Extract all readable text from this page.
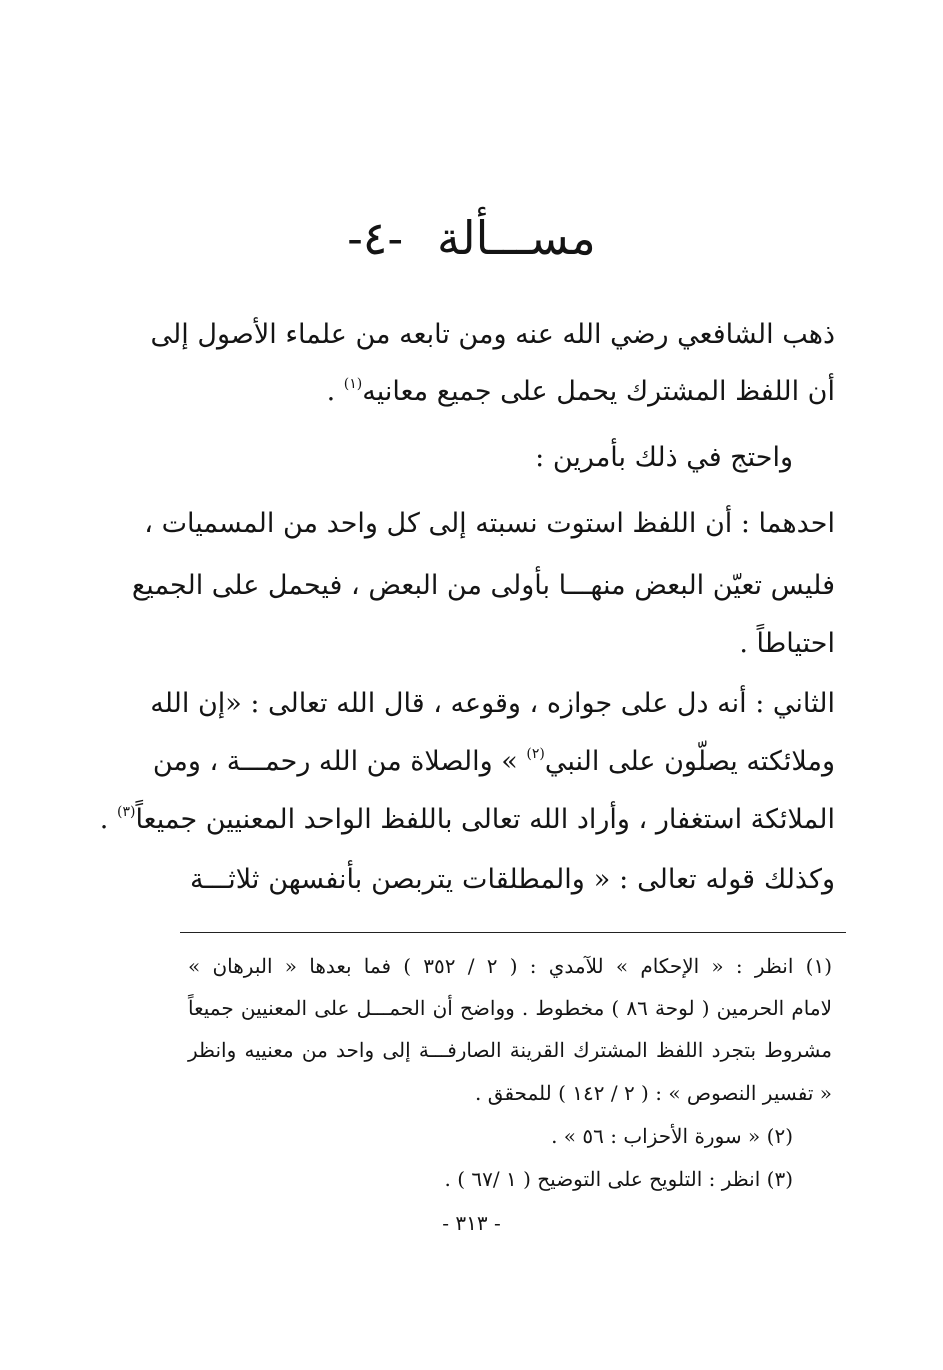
مســـألة-٤-
ذهب الشافعي رضي الله عنه ومن تابعه من علماء الأصول إلى
أن اللفظ المشترك يحمل على جميع معانيه$^{(١)}$ .
واحتج في ذلك بأمرين :
احدهما : أن اللفظ استوت نسبته إلى كل واحد من المسميات ،
فليس تعيّن البعض منهـــا بأولى من البعض ، فيحمل على الجميع
احتياطاً .
الثاني : أنه دل على جوازه ، وقوعه ، قال الله تعالى : «إن الله
وملائكته يصلّون على النبي$^{(٢)}$ » والصلاة من الله رحمـــة ، ومن
الملائكة استغفار ، وأراد الله تعالى باللفظ الواحد المعنيين جميعاً$^{(٣)}$ .
وكذلك قوله تعالى : « والمطلقات يتربصن بأنفسهن ثلاثـــة
(١) انظر : « الإحكام » للآمدي : ( ٢ / ٣٥٢ ) فما بعدها « البرهان »
لامام الحرمين ( لوحة ٨٦ ) مخطوط . وواضح أن الحمـــل على المعنيين جميعاً
مشروط بتجرد اللفظ المشترك القرينة الصارفـــة إلى واحد من معنييه وانظر
« تفسير النصوص » : ( ٢ / ١٤٢ ) للمحقق .
(٢) « سورة الأحزاب : ٥٦ » .
(٣) انظر : التلويح على التوضيح ( ١ /٦٧ ) .
- ٣١٣ -
